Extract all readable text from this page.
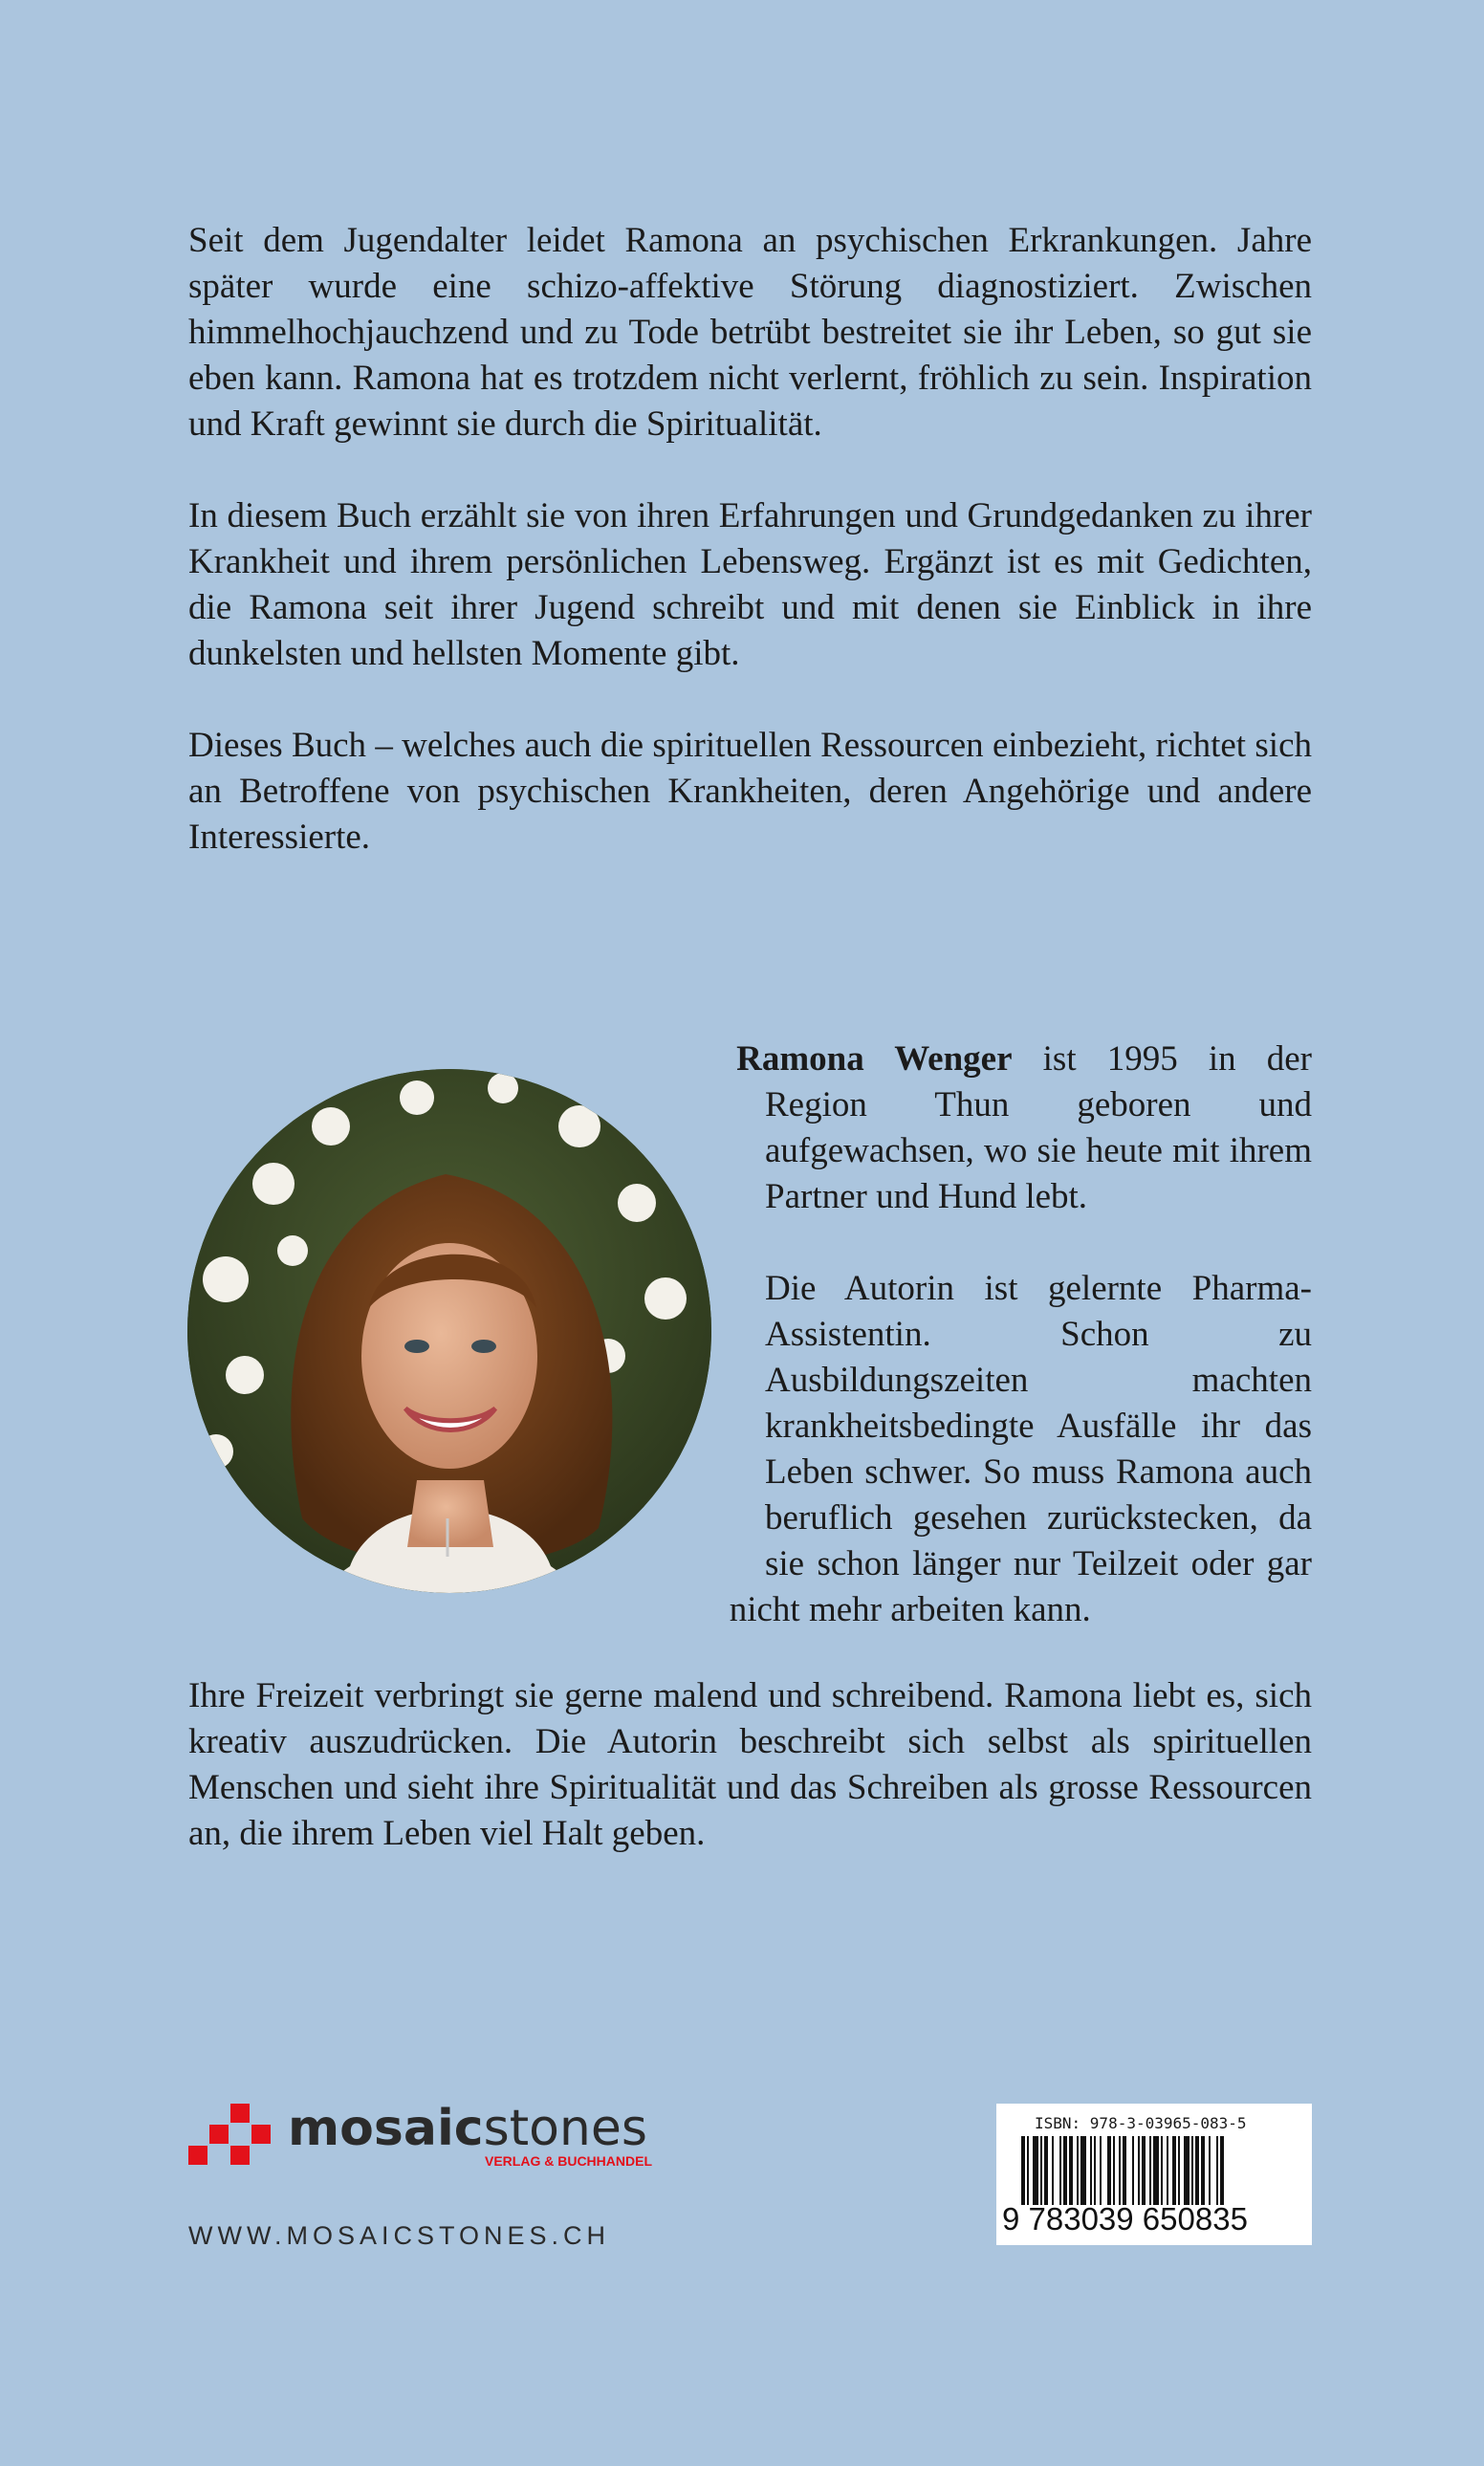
Seit dem Jugendalter leidet Ramona an psychischen Erkrankungen. Jahre später wurde eine schizo-affektive Störung diagnostiziert. Zwischen himmelhochjauchzend und zu Tode betrübt bestreitet sie ihr Leben, so gut sie eben kann. Ramona hat es trotzdem nicht verlernt, fröhlich zu sein. Inspiration und Kraft gewinnt sie durch die Spiritualität.

In diesem Buch erzählt sie von ihren Erfahrungen und Grundgedanken zu ihrer Krankheit und ihrem persönlichen Lebensweg. Ergänzt ist es mit Gedichten, die Ramona seit ihrer Jugend schreibt und mit denen sie Einblick in ihre dunkelsten und hellsten Momente gibt.

Dieses Buch – welches auch die spirituellen Ressourcen einbezieht, richtet sich an Betroffene von psychischen Krankheiten, deren Angehörige und andere Interessierte.

Ramona Wenger ist 1995 in der Region Thun geboren und aufgewachsen, wo sie heute mit ihrem Partner und Hund lebt.

Die Autorin ist gelernte Pharma-Assistentin. Schon zu Ausbildungszeiten machten krankheitsbedingte Ausfälle ihr das Leben schwer. So muss Ramona auch beruflich gesehen zurückstecken, da sie schon länger nur Teilzeit oder gar nicht mehr arbeiten kann.

Ihre Freizeit verbringt sie gerne malend und schreibend. Ramona liebt es, sich kreativ auszudrücken. Die Autorin beschreibt sich selbst als spirituellen Menschen und sieht ihre Spiritualität und das Schreiben als grosse Ressourcen an, die ihrem Leben viel Halt geben.

mosaicstones
VERLAG & BUCHHANDEL
WWW.MOSAICSTONES.CH
ISBN: 978-3-03965-083-5
9 783039 650835
